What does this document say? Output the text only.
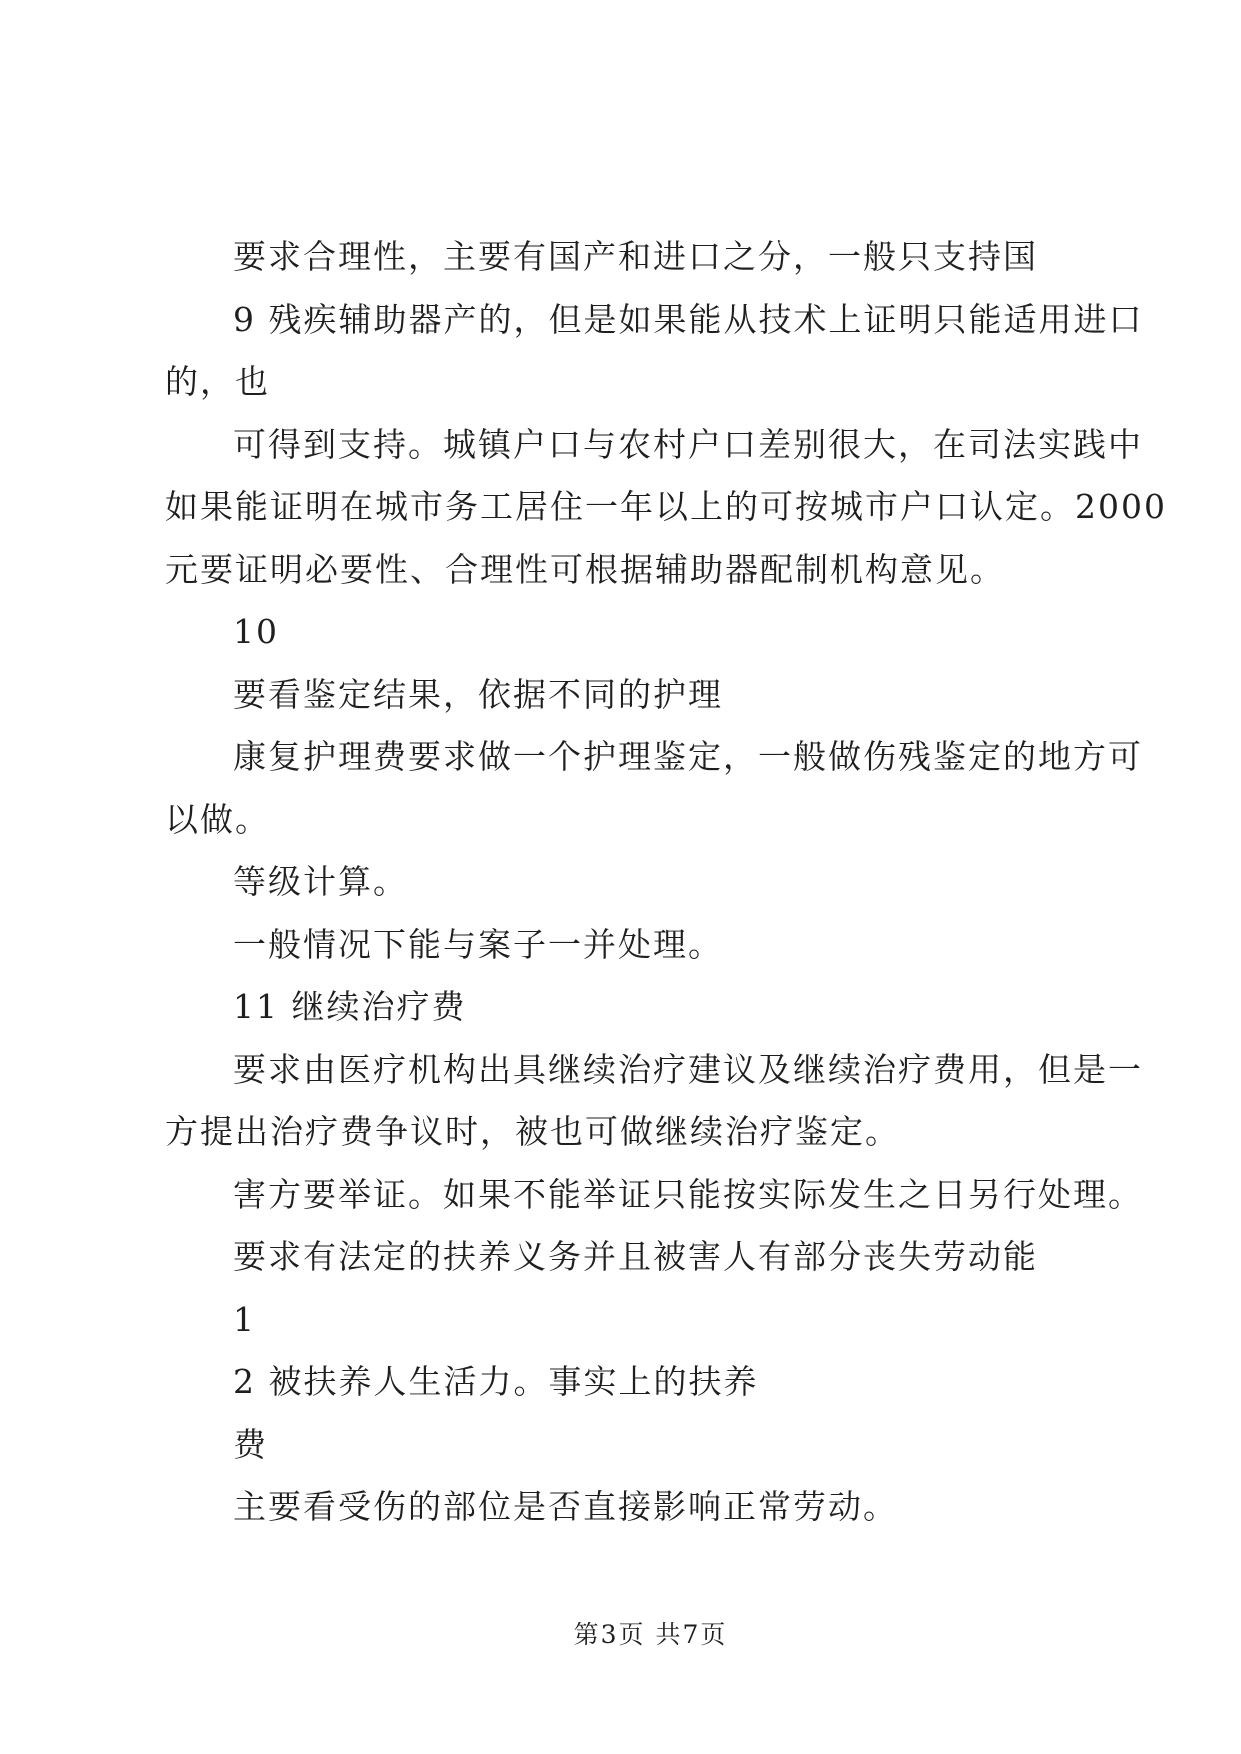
要求合理性，主要有国产和进口之分，一般只支持国
9 残疾辅助器产的，但是如果能从技术上证明只能适用进口
的，也
可得到支持。城镇户口与农村户口差别很大，在司法实践中
如果能证明在城市务工居住一年以上的可按城市户口认定。2000
元要证明必要性、合理性可根据辅助器配制机构意见。
10
要看鉴定结果，依据不同的护理
康复护理费要求做一个护理鉴定，一般做伤残鉴定的地方可
以做。
等级计算。
一般情况下能与案子一并处理。
11 继续治疗费
要求由医疗机构出具继续治疗建议及继续治疗费用，但是一
方提出治疗费争议时，被也可做继续治疗鉴定。
害方要举证。如果不能举证只能按实际发生之日另行处理。
要求有法定的扶养义务并且被害人有部分丧失劳动能
1
2 被扶养人生活力。事实上的扶养
费
主要看受伤的部位是否直接影响正常劳动。
第3页 共7页
